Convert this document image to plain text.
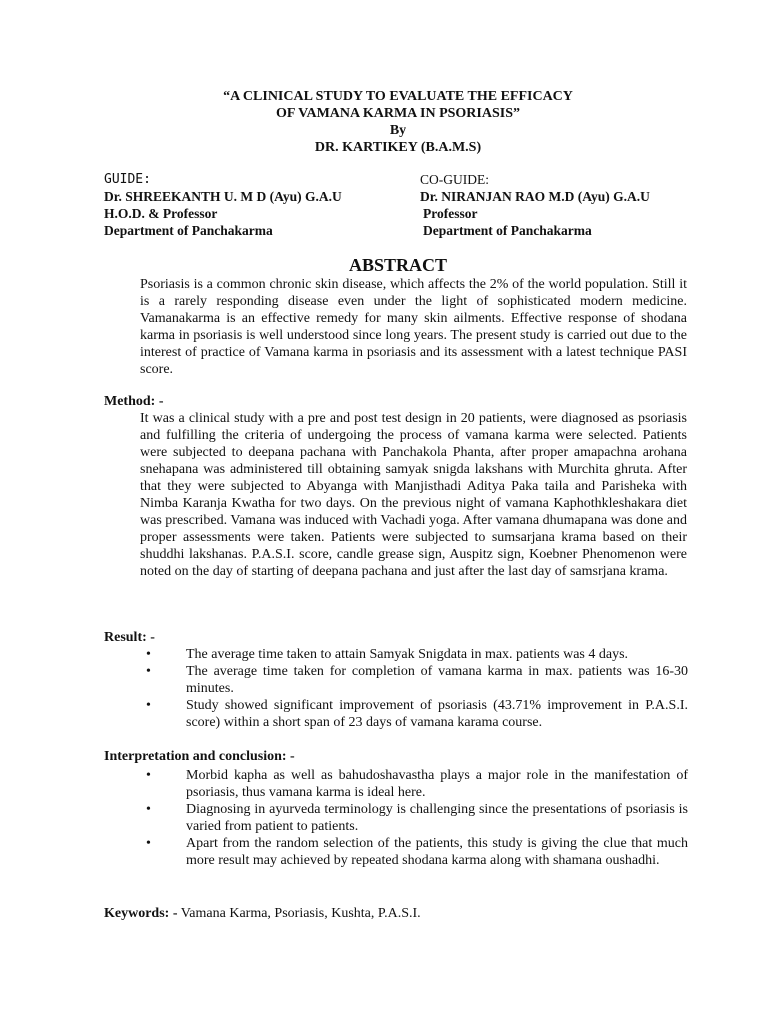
“A CLINICAL STUDY TO EVALUATE THE EFFICACY
OF VAMANA KARMA IN PSORIASIS”
By
DR. KARTIKEY (B.A.M.S)
GUIDE:
Dr. SHREEKANTH U. M D (Ayu) G.A.U
H.O.D. & Professor
Department of Panchakarma
CO-GUIDE:
Dr. NIRANJAN RAO M.D (Ayu) G.A.U
Professor
Department of Panchakarma
ABSTRACT

Psoriasis is a common chronic skin disease, which affects the 2% of the world population. Still it is a rarely responding disease even under the light of sophisticated modern medicine. Vamanakarma is an effective remedy for many skin ailments. Effective response of shodana karma in psoriasis is well understood since long years. The present study is carried out due to the interest of practice of Vamana karma in psoriasis and its assessment with a latest technique PASI score.

Method: -

It was a clinical study with a pre and post test design in 20 patients, were diagnosed as psoriasis and fulfilling the criteria of undergoing the process of vamana karma were selected. Patients were subjected to deepana pachana with Panchakola Phanta, after proper amapachna arohana snehapana was administered till obtaining samyak snigda lakshans with Murchita ghruta. After that they were subjected to Abyanga with Manjisthadi Aditya Paka taila and Parisheka with Nimba Karanja Kwatha for two days. On the previous night of vamana Kaphothkleshakara diet was prescribed. Vamana was induced with Vachadi yoga. After vamana dhumapana was done and proper assessments were taken. Patients were subjected to sumsarjana krama based on their shuddhi lakshanas. P.A.S.I. score, candle grease sign, Auspitz sign, Koebner Phenomenon were noted on the day of starting of deepana pachana and just after the last day of samsrjana krama.

Result: -
•	The average time taken to attain Samyak Snigdata in max. patients was 4 days.
•	The average time taken for completion of vamana karma in max. patients was 16-30 minutes.
•	Study showed significant improvement of psoriasis (43.71% improvement in P.A.S.I. score) within a short span of 23 days of vamana karama course.
Interpretation and conclusion: -
•	Morbid kapha as well as bahudoshavastha plays a major role in the manifestation of psoriasis, thus vamana karma is ideal here.
•	Diagnosing in ayurveda terminology is challenging since the presentations of psoriasis is varied from patient to patients.
•	Apart from the random selection of the patients, this study is giving the clue that much more result may achieved by repeated shodana karma along with shamana oushadhi.
Keywords: - Vamana Karma, Psoriasis, Kushta, P.A.S.I.
